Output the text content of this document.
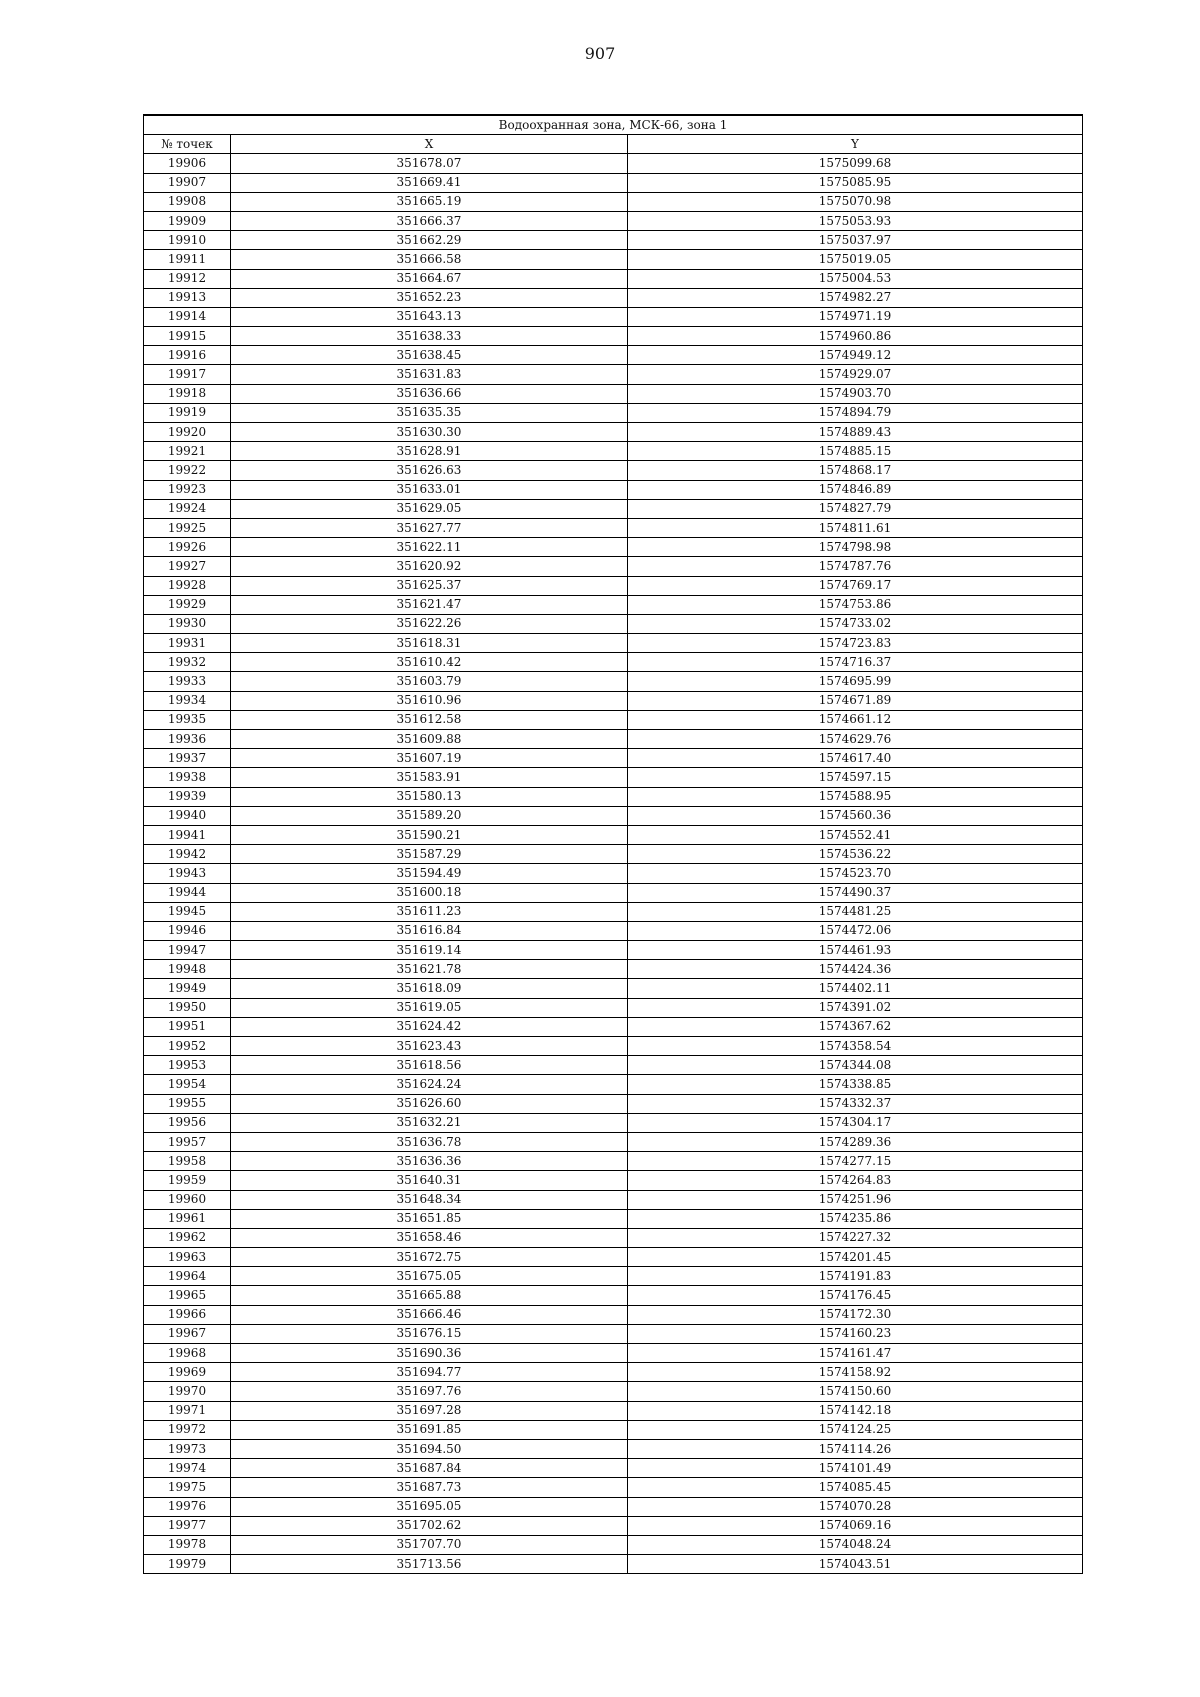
907
Водоохранная зона, МСК-66, зона 1		
№ точек	X	Y
19906	351678.07	1575099.68
19907	351669.41	1575085.95
19908	351665.19	1575070.98
19909	351666.37	1575053.93
19910	351662.29	1575037.97
19911	351666.58	1575019.05
19912	351664.67	1575004.53
19913	351652.23	1574982.27
19914	351643.13	1574971.19
19915	351638.33	1574960.86
19916	351638.45	1574949.12
19917	351631.83	1574929.07
19918	351636.66	1574903.70
19919	351635.35	1574894.79
19920	351630.30	1574889.43
19921	351628.91	1574885.15
19922	351626.63	1574868.17
19923	351633.01	1574846.89
19924	351629.05	1574827.79
19925	351627.77	1574811.61
19926	351622.11	1574798.98
19927	351620.92	1574787.76
19928	351625.37	1574769.17
19929	351621.47	1574753.86
19930	351622.26	1574733.02
19931	351618.31	1574723.83
19932	351610.42	1574716.37
19933	351603.79	1574695.99
19934	351610.96	1574671.89
19935	351612.58	1574661.12
19936	351609.88	1574629.76
19937	351607.19	1574617.40
19938	351583.91	1574597.15
19939	351580.13	1574588.95
19940	351589.20	1574560.36
19941	351590.21	1574552.41
19942	351587.29	1574536.22
19943	351594.49	1574523.70
19944	351600.18	1574490.37
19945	351611.23	1574481.25
19946	351616.84	1574472.06
19947	351619.14	1574461.93
19948	351621.78	1574424.36
19949	351618.09	1574402.11
19950	351619.05	1574391.02
19951	351624.42	1574367.62
19952	351623.43	1574358.54
19953	351618.56	1574344.08
19954	351624.24	1574338.85
19955	351626.60	1574332.37
19956	351632.21	1574304.17
19957	351636.78	1574289.36
19958	351636.36	1574277.15
19959	351640.31	1574264.83
19960	351648.34	1574251.96
19961	351651.85	1574235.86
19962	351658.46	1574227.32
19963	351672.75	1574201.45
19964	351675.05	1574191.83
19965	351665.88	1574176.45
19966	351666.46	1574172.30
19967	351676.15	1574160.23
19968	351690.36	1574161.47
19969	351694.77	1574158.92
19970	351697.76	1574150.60
19971	351697.28	1574142.18
19972	351691.85	1574124.25
19973	351694.50	1574114.26
19974	351687.84	1574101.49
19975	351687.73	1574085.45
19976	351695.05	1574070.28
19977	351702.62	1574069.16
19978	351707.70	1574048.24
19979	351713.56	1574043.51
